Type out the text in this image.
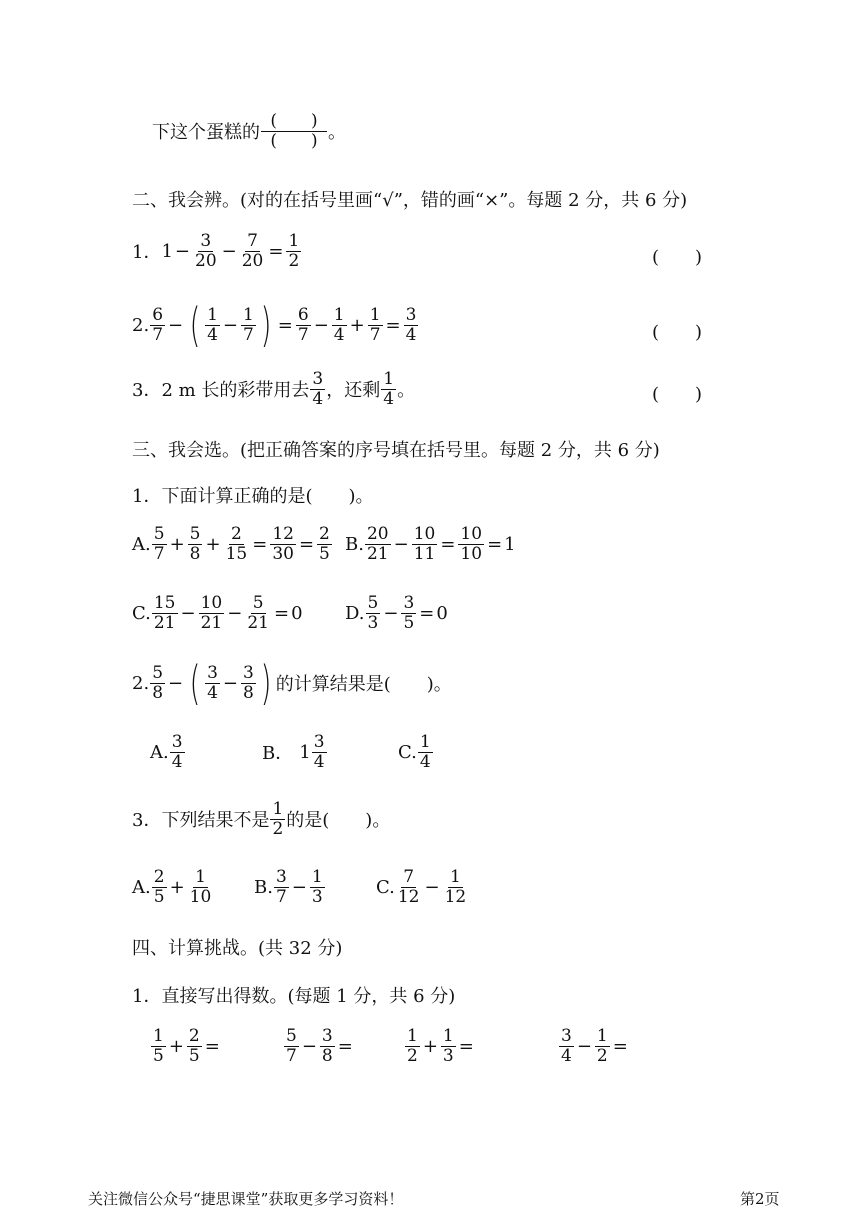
下这个蛋糕的 $\frac{( )}{( )}$ 。
二、我会辨。(对的在括号里画“√”，错的画“×”。每题 2 分，共 6 分)
1． $1 - \frac{3}{20} - \frac{7}{20} = \frac{1}{2}$	(　　)
2. $\frac{6}{7}$ − ( $\frac{1}{4} - \frac{1}{7}$ ) = $\frac{6}{7} - \frac{1}{4} + \frac{1}{7} = \frac{3}{4}$	(　　)
3． 2 m 长的彩带用去 $\frac{3}{4}$ ，还剩 $\frac{1}{4}$ 。	(　　)
三、我会选。(把正确答案的序号填在括号里。每题 2 分，共 6 分)
1．下面计算正确的是(　　)。
A. $\frac{5}{7} + \frac{5}{8} + \frac{2}{15} = \frac{12}{30} = \frac{2}{5} B$. $\frac{20}{21} - \frac{10}{11} = \frac{10}{10} = 1$
C. $\frac{15}{21} - \frac{10}{21} - \frac{5}{21} = 0$ D. $\frac{5}{3} - \frac{3}{5} = 0$
2. $\frac{5}{8}$ − ( $\frac{3}{4} - \frac{3}{8}$ ) 的计算结果是(　　)。
A. $\frac{3}{4}$	B． $1 \frac{3}{4}$	C. $\frac{1}{4}$
3．下列结果不是 $\frac{1}{2}$ 的是(　　)。
A. $\frac{2}{5} + \frac{1}{10} B$. $\frac{3}{7} - \frac{1}{3}$	C. $\frac{7}{12} - \frac{1}{12}$
四、计算挑战。(共 32 分)
1．直接写出得数。(每题 1 分，共 6 分)
$\frac{1}{5} + \frac{2}{5}$ =	$\frac{5}{7} - \frac{3}{8}$ =	$\frac{1}{2} + \frac{1}{3}$ =	$\frac{3}{4} - \frac{1}{2}$ =
关注微信公众号“捷思课堂”获取更多学习资料！	第2页
